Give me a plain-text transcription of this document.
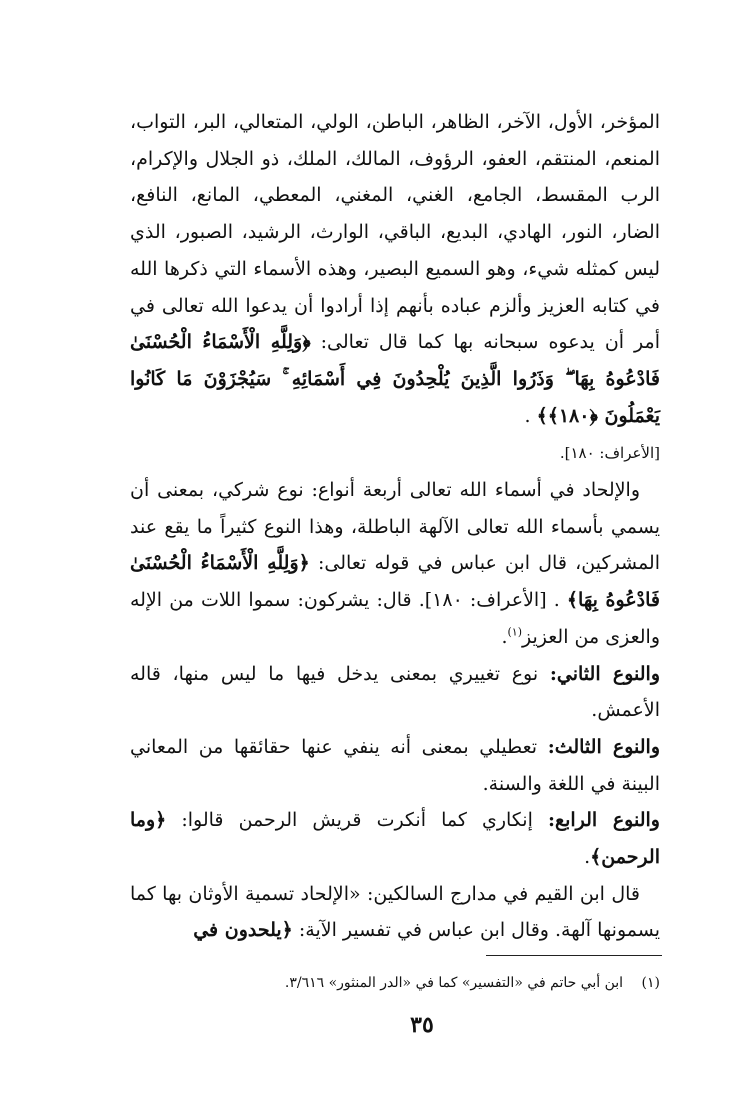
المؤخر، الأول، الآخر، الظاهر، الباطن، الولي، المتعالي، البر، التواب، المنعم، المنتقم، العفو، الرؤوف، المالك، الملك، ذو الجلال والإكرام، الرب المقسط، الجامع، الغني، المغني، المعطي، المانع، النافع، الضار، النور، الهادي، البديع، الباقي، الوارث، الرشيد، الصبور، الذي ليس كمثله شيء، وهو السميع البصير، وهذه الأسماء التي ذكرها الله في كتابه العزيز وألزم عباده بأنهم إذا أرادوا أن يدعوا الله تعالى في أمر أن يدعوه سبحانه بها كما قال تعالى: ﴿وَلِلَّهِ الْأَسْمَاءُ الْحُسْنَىٰ فَادْعُوهُ بِهَا ۖ وَذَرُوا الَّذِينَ يُلْحِدُونَ فِي أَسْمَائِهِ ۚ سَيُجْزَوْنَ مَا كَانُوا يَعْمَلُونَ ﴿١٨٠﴾﴾ .

[الأعراف: ١٨٠].

والإلحاد في أسماء الله تعالى أربعة أنواع: نوع شركي، بمعنى أن يسمي بأسماء الله تعالى الآلهة الباطلة، وهذا النوع كثيراً ما يقع عند المشركين، قال ابن عباس في قوله تعالى: ﴿وَلِلَّهِ الْأَسْمَاءُ الْحُسْنَىٰ فَادْعُوهُ بِهَا﴾ . [الأعراف: ١٨٠]. قال: يشركون: سموا اللات من الإله والعزى من العزيز$^{(١)}$.

والنوع الثاني: نوع تغييري بمعنى يدخل فيها ما ليس منها، قاله الأعمش.

والنوع الثالث: تعطيلي بمعنى أنه ينفي عنها حقائقها من المعاني البينة في اللغة والسنة.

والنوع الرابع: إنكاري كما أنكرت قريش الرحمن قالوا: ﴿وما الرحمن﴾.

قال ابن القيم في مدارج السالكين: «الإلحاد تسمية الأوثان بها كما يسمونها آلهة. وقال ابن عباس في تفسير الآية: ﴿يلحدون في

(١) ابن أبي حاتم في «التفسير» كما في «الدر المنثور» ٣/٦١٦.
٣٥
